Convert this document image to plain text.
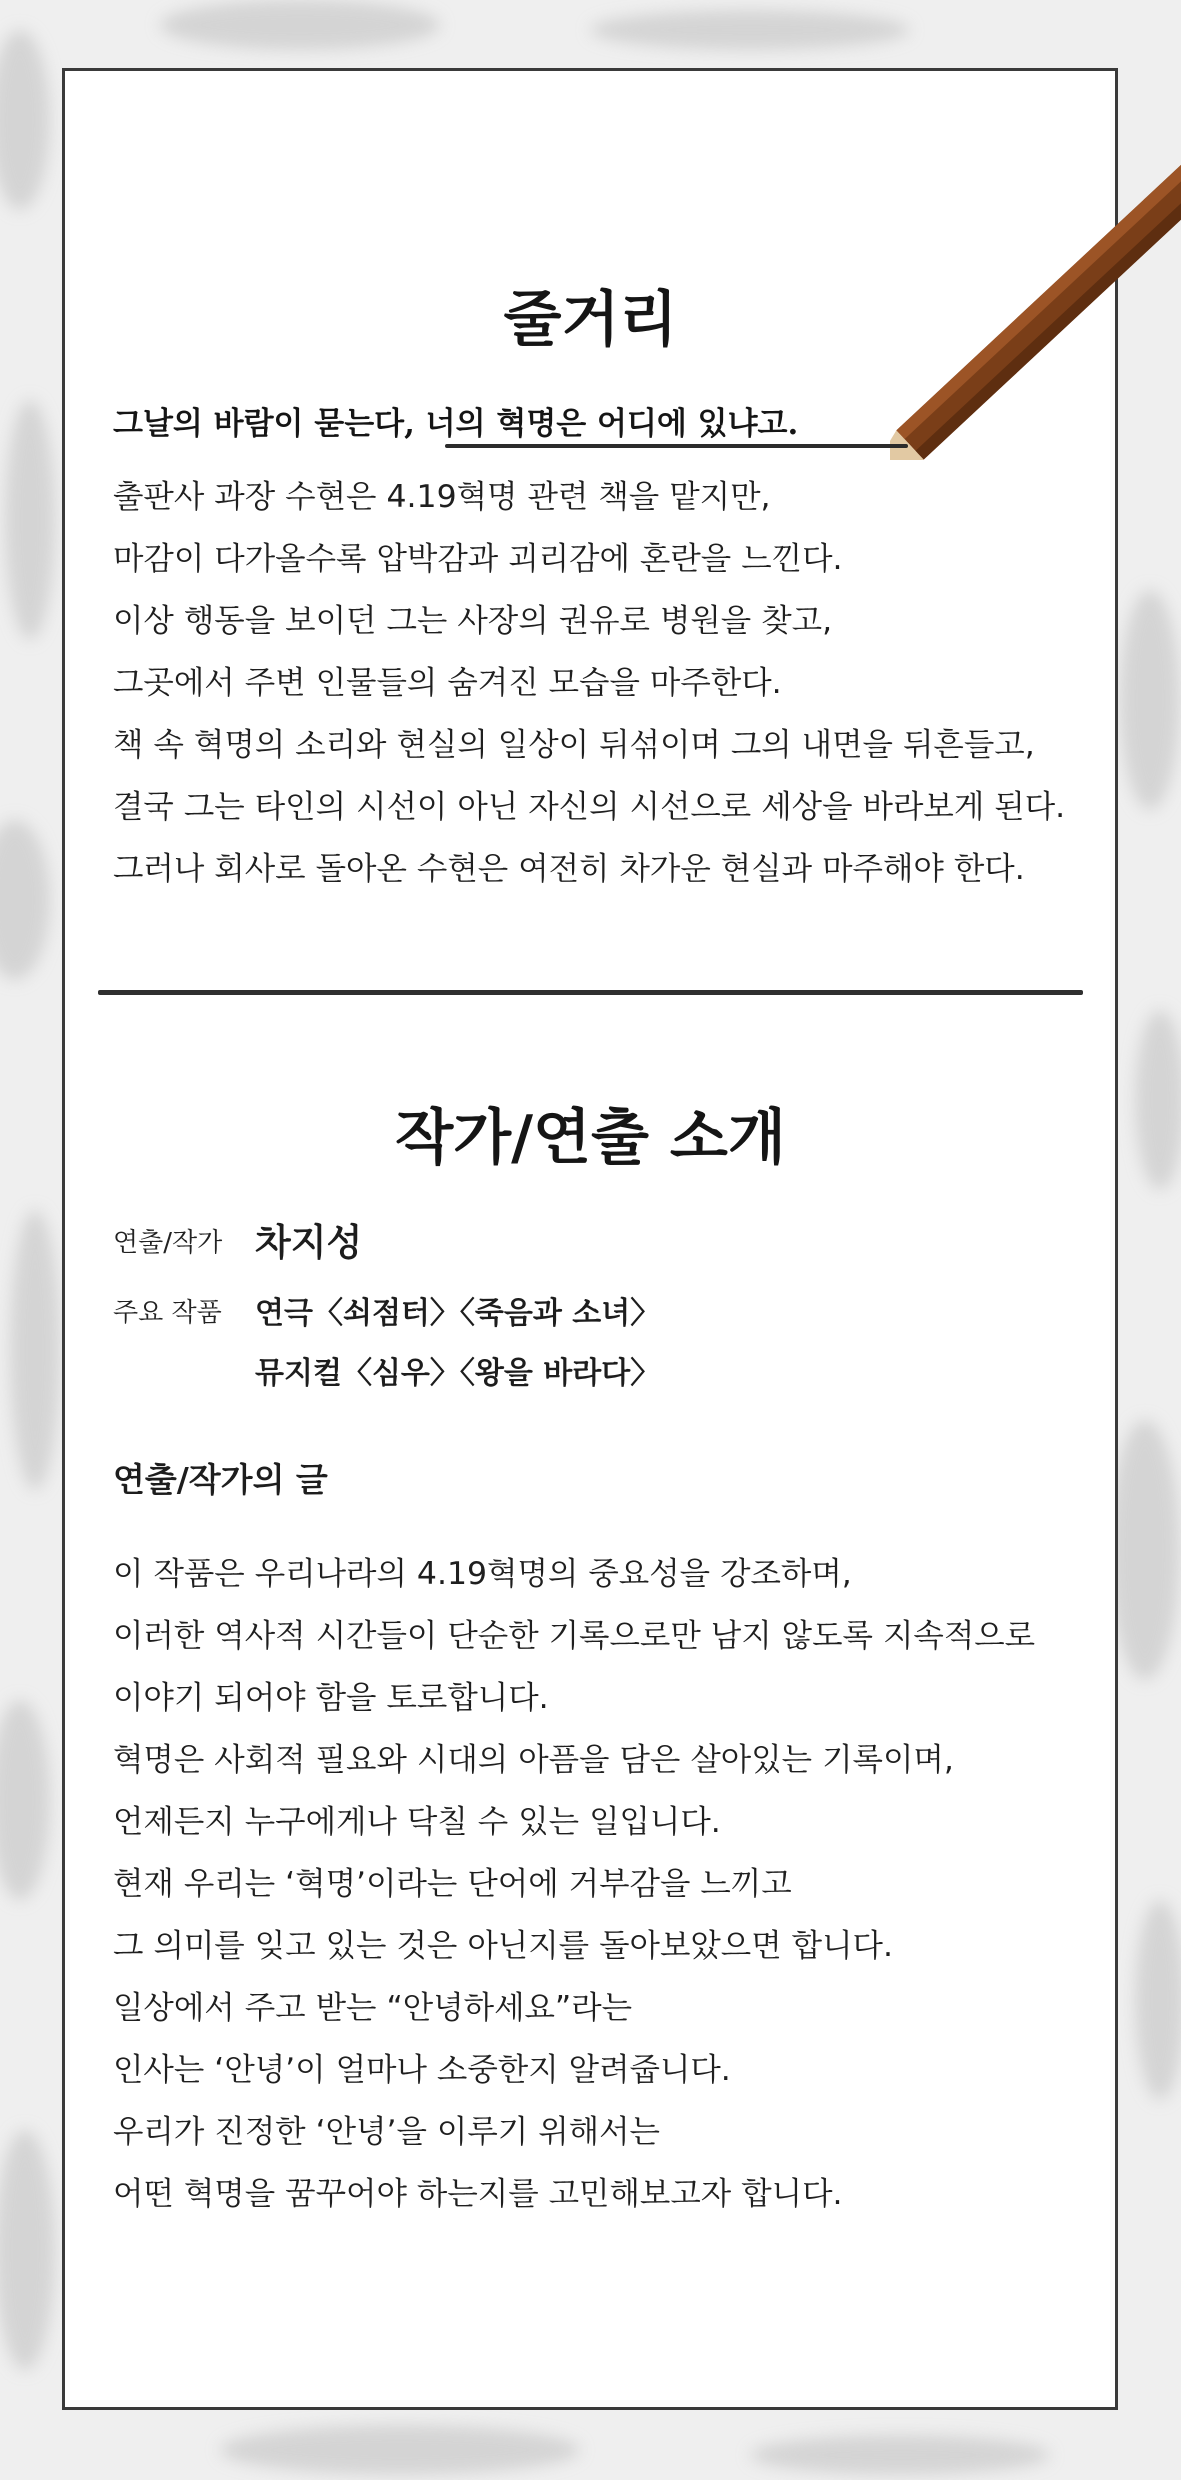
줄거리

그날의 바람이 묻는다, 너의 혁명은 어디에 있냐고.

출판사 과장 수현은 4.19혁명 관련 책을 맡지만,
마감이 다가올수록 압박감과 괴리감에 혼란을 느낀다.
이상 행동을 보이던 그는 사장의 권유로 병원을 찾고,
그곳에서 주변 인물들의 숨겨진 모습을 마주한다.
책 속 혁명의 소리와 현실의 일상이 뒤섞이며 그의 내면을 뒤흔들고,
결국 그는 타인의 시선이 아닌 자신의 시선으로 세상을 바라보게 된다.
그러나 회사로 돌아온 수현은 여전히 차가운 현실과 마주해야 한다.
작가/연출 소개
연출/작가 차지성
주요 작품 연극〈쇠점터〉〈죽음과 소녀〉
뮤지컬〈심우〉〈왕을 바라다〉

연출/작가의 글

이 작품은 우리나라의 4.19혁명의 중요성을 강조하며,
이러한 역사적 시간들이 단순한 기록으로만 남지 않도록 지속적으로
이야기 되어야 함을 토로합니다.
혁명은 사회적 필요와 시대의 아픔을 담은 살아있는 기록이며,
언제든지 누구에게나 닥칠 수 있는 일입니다.
현재 우리는 ‘혁명’이라는 단어에 거부감을 느끼고
그 의미를 잊고 있는 것은 아닌지를 돌아보았으면 합니다.
일상에서 주고 받는 “안녕하세요”라는
인사는 ‘안녕’이 얼마나 소중한지 알려줍니다.
우리가 진정한 ‘안녕’을 이루기 위해서는
어떤 혁명을 꿈꾸어야 하는지를 고민해보고자 합니다.
